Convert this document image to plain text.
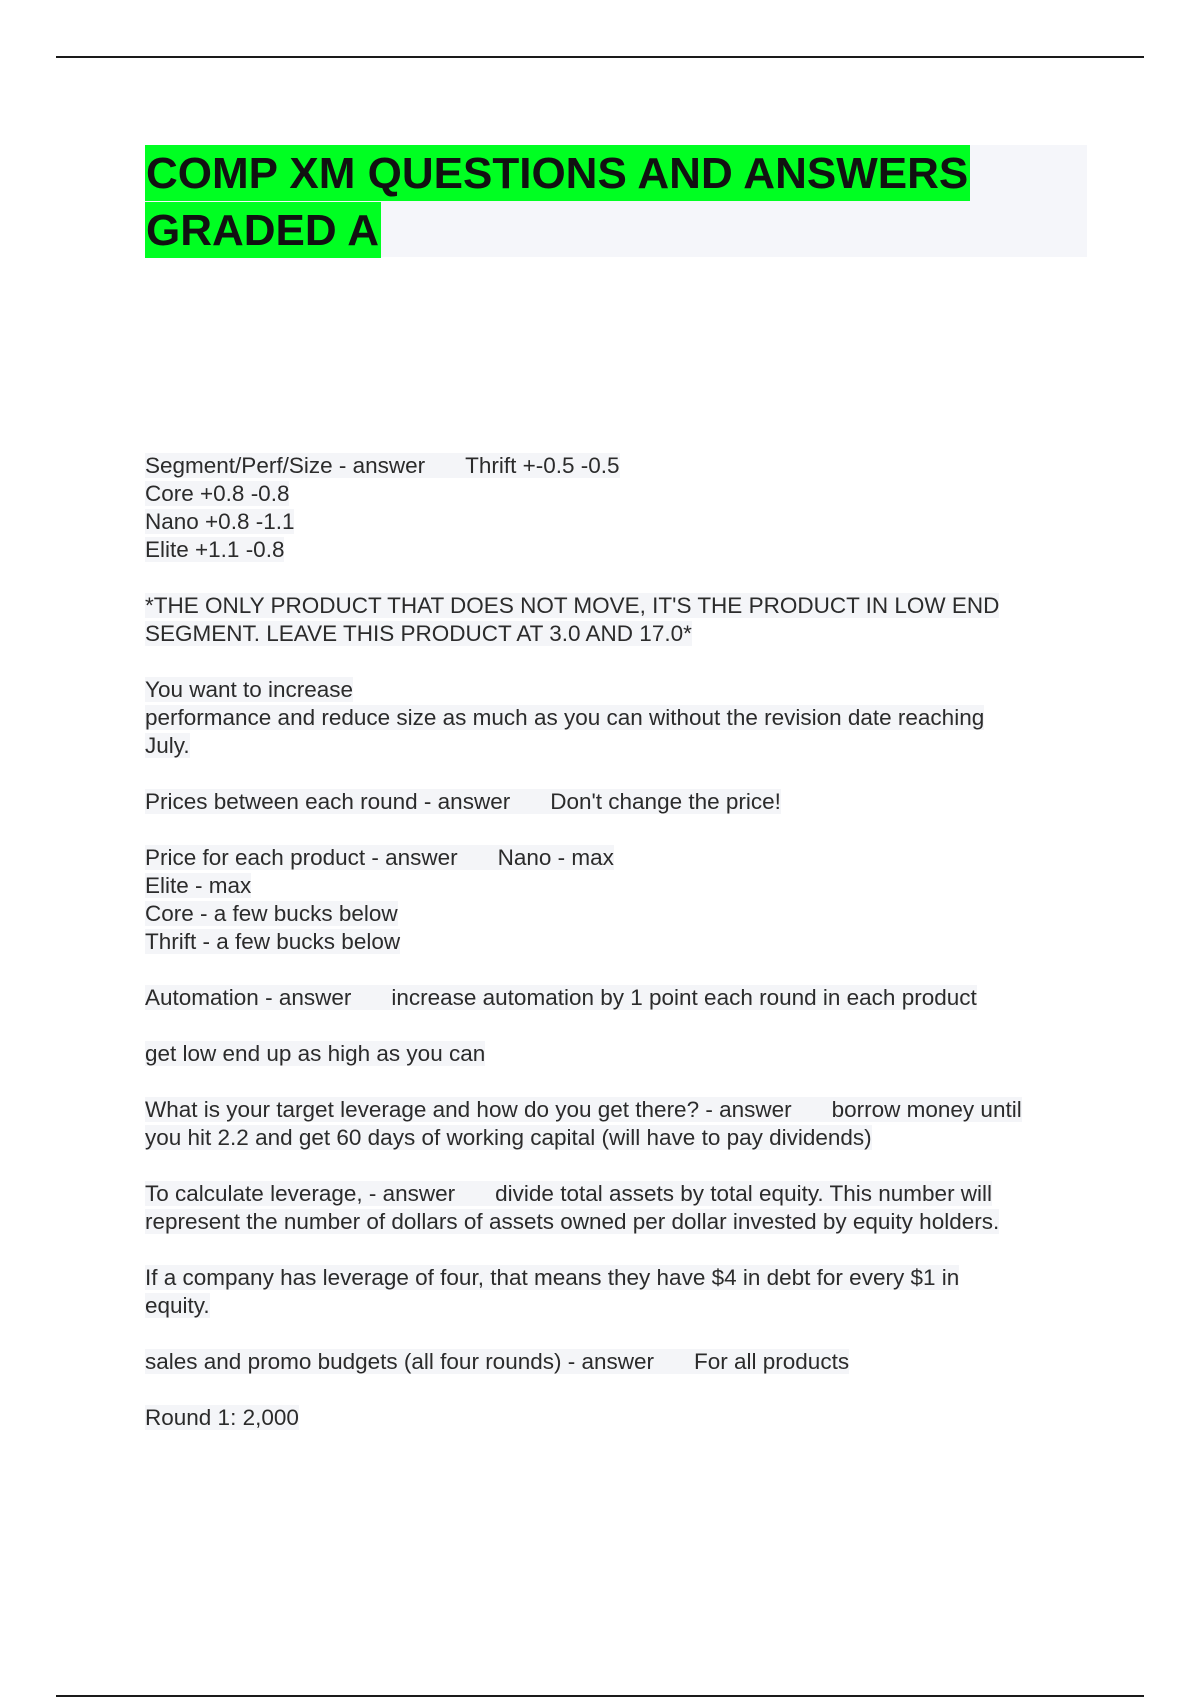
COMP XM QUESTIONS AND ANSWERS
GRADED A
Segment/Perf/Size - answer Thrift +-0.5 -0.5
Core +0.8 -0.8
Nano +0.8 -1.1
Elite +1.1 -0.8
*THE ONLY PRODUCT THAT DOES NOT MOVE, IT'S THE PRODUCT IN LOW END
SEGMENT. LEAVE THIS PRODUCT AT 3.0 AND 17.0*
You want to increase
performance and reduce size as much as you can without the revision date reaching
July.
Prices between each round - answer Don't change the price!
Price for each product - answer Nano - max
Elite - max
Core - a few bucks below
Thrift - a few bucks below
Automation - answer increase automation by 1 point each round in each product
get low end up as high as you can
What is your target leverage and how do you get there? - answer borrow money until
you hit 2.2 and get 60 days of working capital (will have to pay dividends)
To calculate leverage, - answer divide total assets by total equity. This number will
represent the number of dollars of assets owned per dollar invested by equity holders.
If a company has leverage of four, that means they have $4 in debt for every $1 in
equity.
sales and promo budgets (all four rounds) - answer For all products
Round 1: 2,000
